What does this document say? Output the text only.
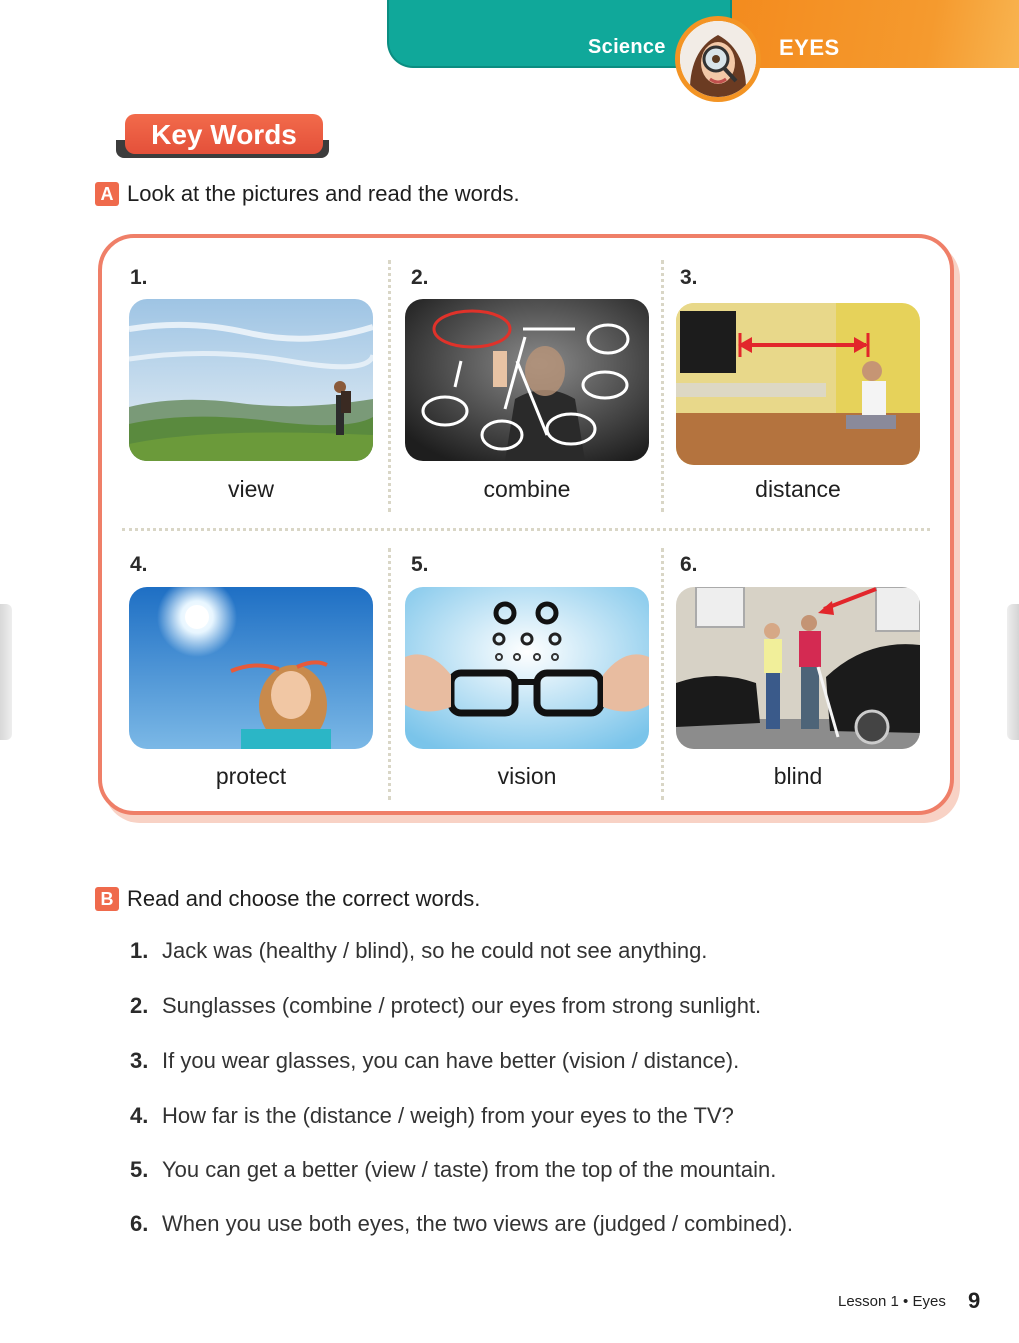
Science	EYES
Key Words
A Look at the pictures and read the words.
1.
view
2.
combine
3.
distance
4.
protect
5.
vision
6.
blind
B Read and choose the correct words.
1. Jack was (healthy / blind), so he could not see anything.
2. Sunglasses (combine / protect) our eyes from strong sunlight.
3. If you wear glasses, you can have better (vision / distance).
4. How far is the (distance / weigh) from your eyes to the TV?
5. You can get a better (view / taste) from the top of the mountain.
6. When you use both eyes, the two views are (judged / combined).
Lesson 1 • Eyes 9
